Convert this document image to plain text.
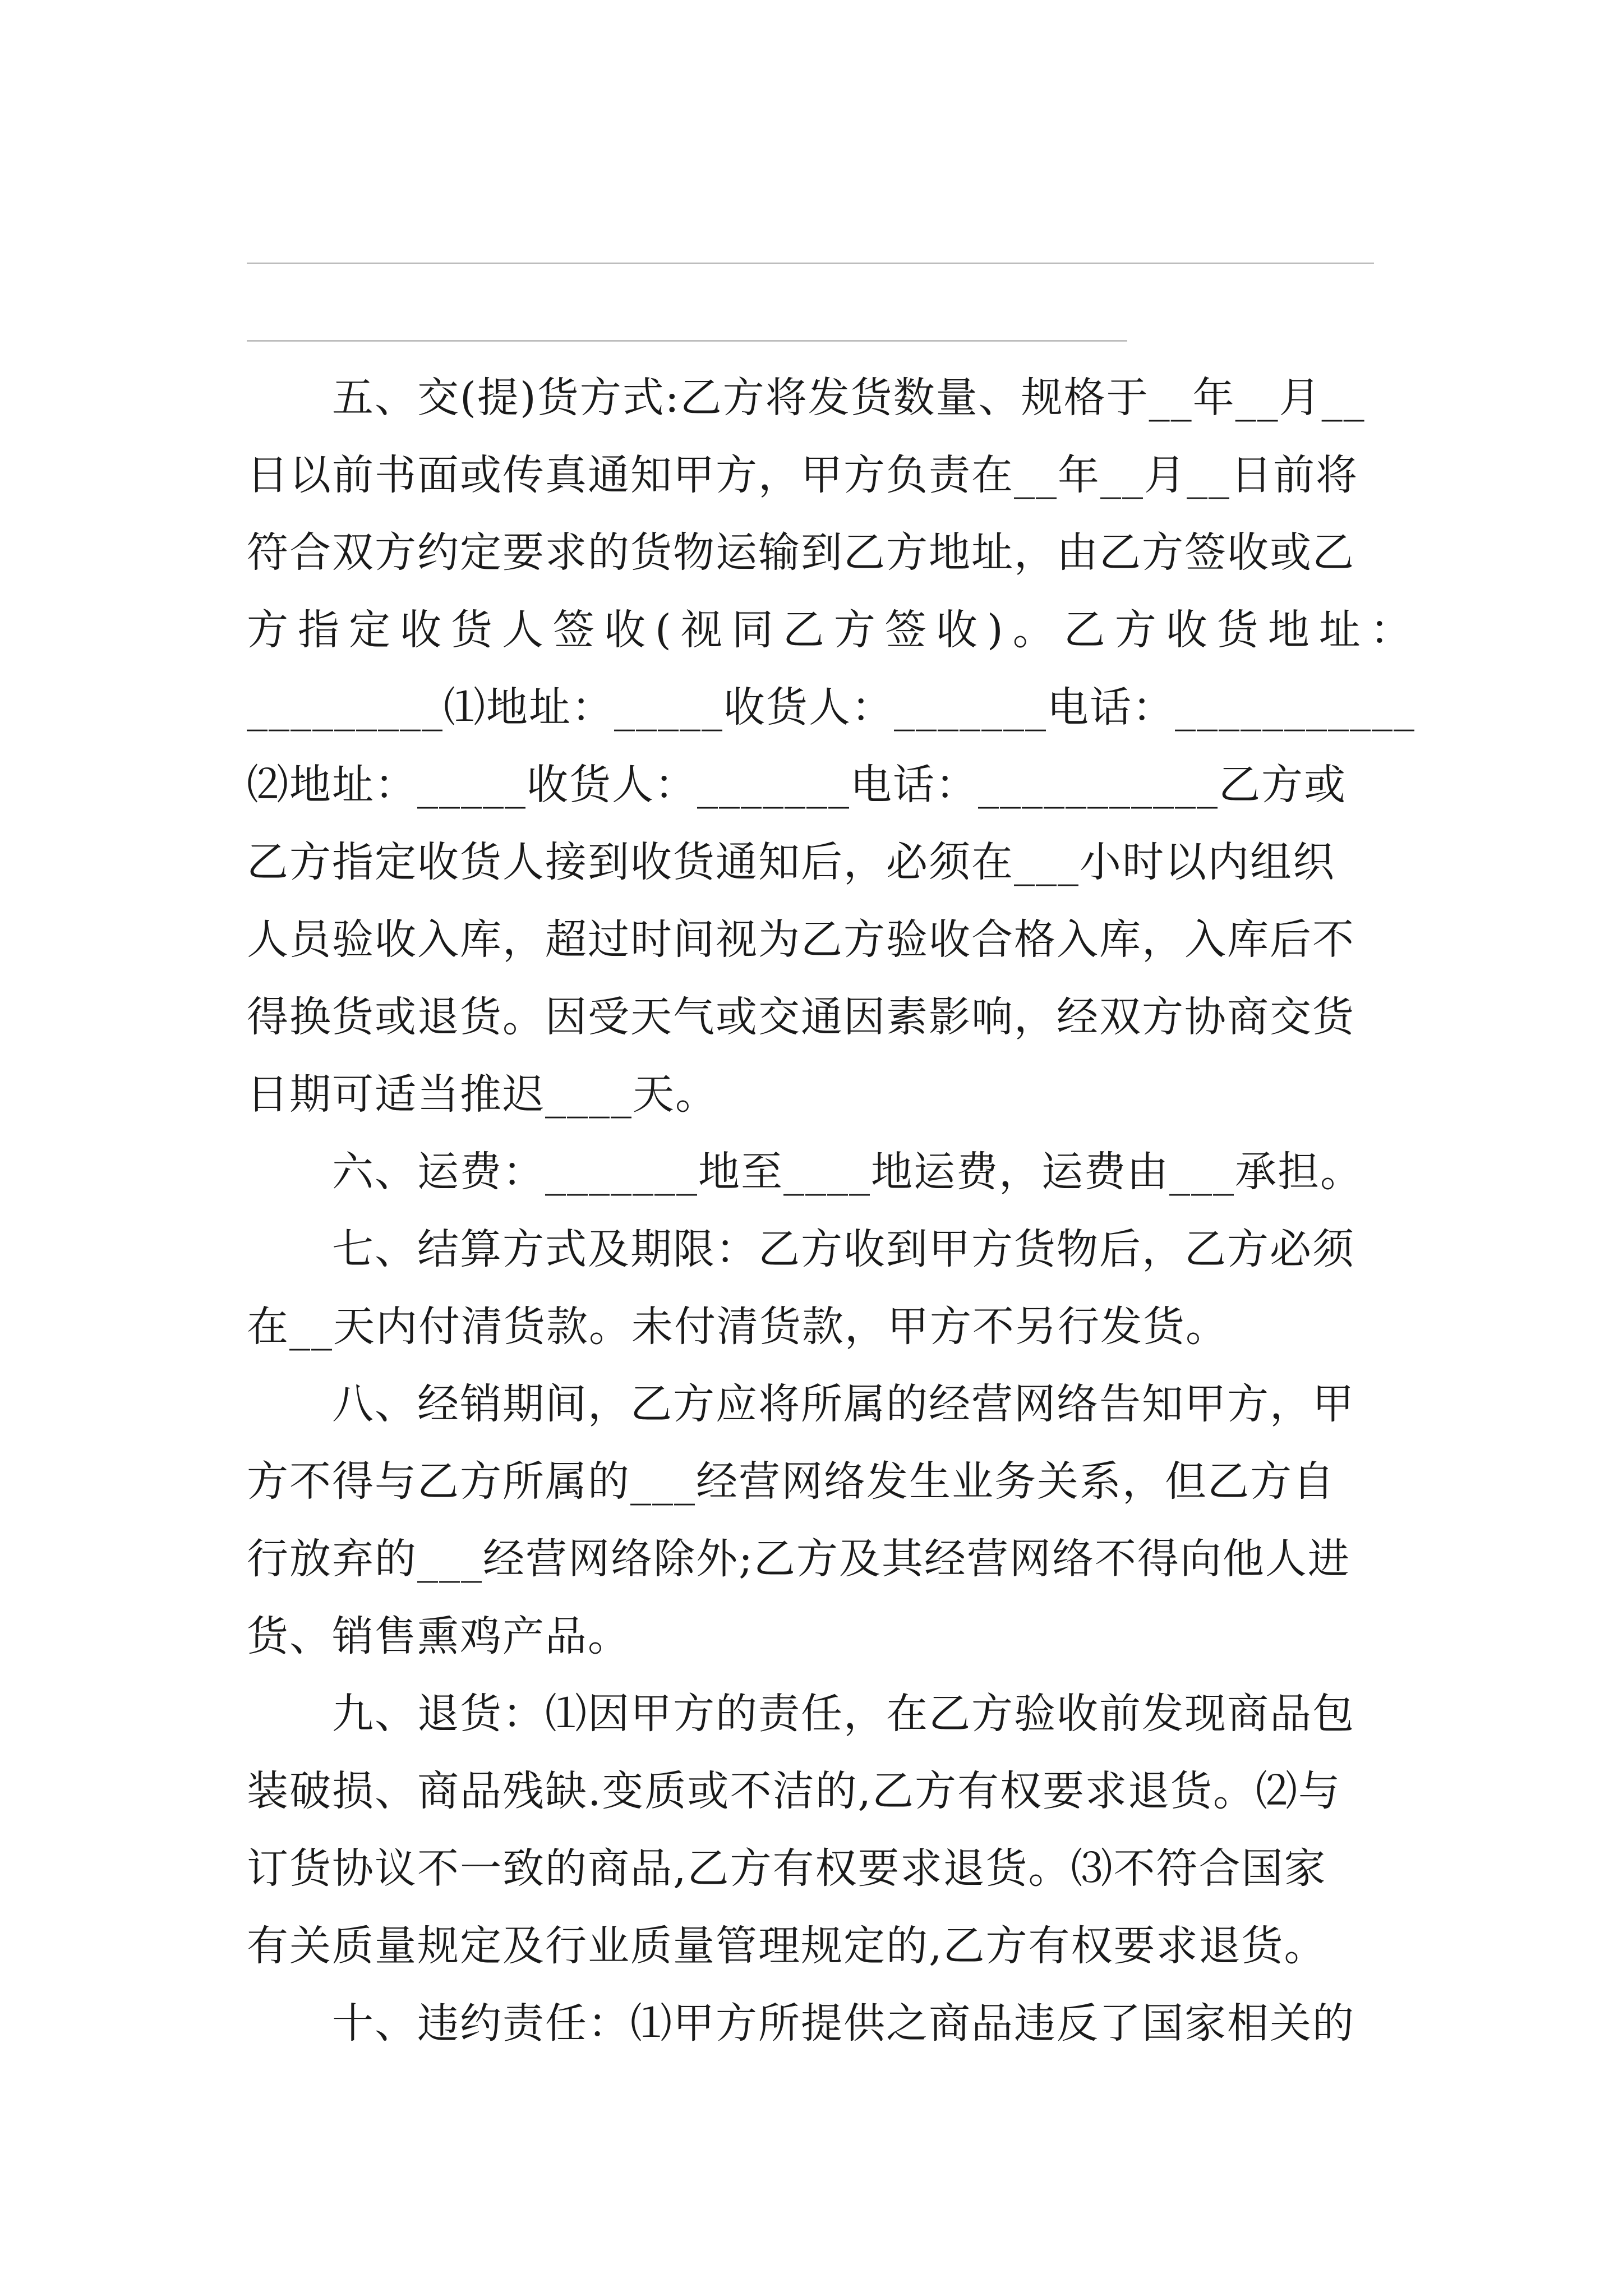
五、交(提)货方式:乙方将发货数量、规格于__年__月__
日以前书面或传真通知甲方，甲方负责在__年__月__日前将
符合双方约定要求的货物运输到乙方地址，由乙方签收或乙
方指定收货人签收(视同乙方签收)。乙方收货地址：
_________⑴地址：_____收货人：_______电话：___________
⑵地址：_____收货人：_______电话：___________乙方或
乙方指定收货人接到收货通知后，必须在___小时以内组织
人员验收入库，超过时间视为乙方验收合格入库，入库后不
得换货或退货。因受天气或交通因素影响，经双方协商交货
日期可适当推迟____天。
六、运费：_______地至____地运费，运费由___承担。
七、结算方式及期限：乙方收到甲方货物后，乙方必须
在__天内付清货款。未付清货款，甲方不另行发货。
八、经销期间，乙方应将所属的经营网络告知甲方，甲
方不得与乙方所属的___经营网络发生业务关系，但乙方自
行放弃的___经营网络除外;乙方及其经营网络不得向他人进
货、销售熏鸡产品。
九、退货：⑴因甲方的责任，在乙方验收前发现商品包
装破损、商品残缺.变质或不洁的,乙方有权要求退货。⑵与
订货协议不一致的商品,乙方有权要求退货。⑶不符合国家
有关质量规定及行业质量管理规定的,乙方有权要求退货。
十、违约责任：⑴甲方所提供之商品违反了国家相关的
